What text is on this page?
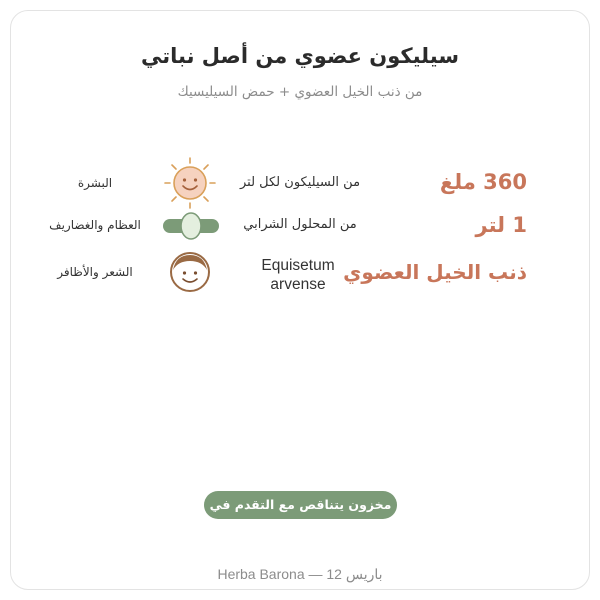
سيليكون عضوي من أصل نباتي
من ذنب الخيل العضوي + حمض السيليسيك
360 ملغ
من السيليكون لكل لتر
البشرة
1 لتر
من المحلول الشرابي
العظام والغضاريف
ذنب الخيل العضوي
Equisetum
arvense
الشعر والأظافر
مخزون يتناقص مع التقدم في السن
Herba Barona — 12 باريس
